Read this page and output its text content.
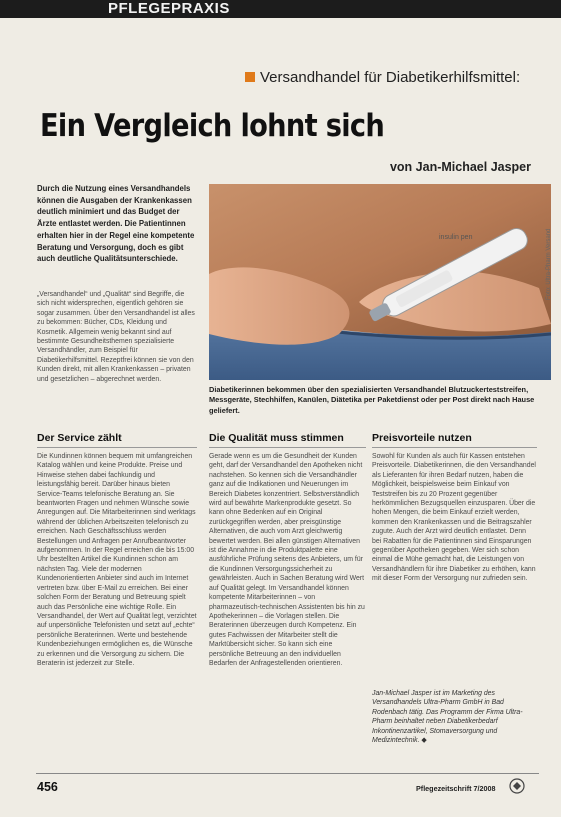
PFLEGEPRAXIS
Versandhandel für Diabetikerhilfsmittel:
Ein Vergleich lohnt sich
von Jan-Michael Jasper

Durch die Nutzung eines Versandhandels können die Ausgaben der Krankenkassen deutlich minimiert und das Budget der Ärzte entlastet werden. Die Patientinnen erhalten hier in der Regel eine kompetente Beratung und Versorgung, doch es gibt auch deutliche Qualitätsunterschiede.

„Versandhandel“ und „Qualität“ sind Begriffe, die sich nicht widersprechen, eigentlich gehören sie sogar zusammen. Über den Versandhandel ist alles zu bekommen: Bücher, CDs, Kleidung und Kosmetik. Allgemein wenig bekannt sind auf bestimmte Gesundheitsthemen spezialisierte Versandhändler, zum Beispiel für Diabetikerhilfsmittel. Rezeptfrei können sie von den Kunden direkt, mit allen Krankenkassen – privaten und gesetzlichen – abgerechnet werden.

Der Service zählt

Die Kundinnen können bequem mit umfangreichen Katalog wählen und keine Produkte. Preise und Hinweise stehen dabei fachkundig und leistungsfähig bereit. Darüber hinaus bieten Service-Teams telefonische Beratung an. Sie beantworten Fragen und nehmen Wünsche sowie Anregungen auf. Die Mitarbeiterinnen sind werktags während der üblichen Arbeitszeiten telefonisch zu erreichen. Nach Geschäftsschluss werden Bestellungen und Anfragen per Anrufbeantworter aufgenommen. In der Regel erreichen die bis 15:00 Uhr bestellten Artikel die Kundinnen schon am nächsten Tag. Viele der modernen Kundenorientierten Anbieter sind auch im Internet vertreten bzw. über E-Mail zu erreichen. Bei einer solchen Form der Beratung und Betreuung spielt auch das Persönliche eine wichtige Rolle. Ein Versandhandel, der Wert auf Qualität legt, verzichtet auf unpersönliche Telefonisten und setzt auf „echte“ persönliche Beraterinnen. Werte und bestehende Kundenbeziehungen ermöglichen es, die Wünsche zu erkennen und die Versorgung zu sichern. Die Beraterin ist jederzeit zur Stelle.

insulin pen	Foto: Ultra-Pharm Versand

Diabetikerinnen bekommen über den spezialisierten Versandhandel Blutzuckerteststreifen, Messgeräte, Stechhilfen, Kanülen, Diätetika per Paketdienst oder per Post direkt nach Hause geliefert.

Die Qualität muss stimmen

Gerade wenn es um die Gesundheit der Kunden geht, darf der Versandhandel den Apotheken nicht nachstehen. So kennen sich die Versandhändler ganz auf die Indikationen und Neuerungen im Bereich Diabetes konzentriert. Selbstverständlich wird auf bewährte Markenprodukte gesetzt. So kann ohne Bedenken auf ein Original zurückgegriffen werden, aber preisgünstige Alternativen, die auch vom Arzt gleichwertig bewertet werden. Bei allen günstigen Alternativen ist die Annahme in die Produktpalette eine ausführliche Prüfung seitens des Anbieters, um für die Kundinnen Versorgungssicherheit zu gewährleisten. Auch in Sachen Beratung wird Wert auf Qualität gelegt. Im Versandhandel können kompetente Mitarbeiterinnen – von pharmazeutisch-technischen Assistenten bis hin zu Apothekerinnen – die Vorlagen stellen. Die Beraterinnen überzeugen durch Kompetenz. Ein gutes Fachwissen der Mitarbeiter stellt die Marktübersicht sicher. So kann sich eine persönliche Betreuung an den individuellen Bedarfen der Anfragestellenden orientieren.

Preisvorteile nutzen

Sowohl für Kunden als auch für Kassen entstehen Preisvorteile. Diabetikerinnen, die den Versandhandel als Lieferanten für ihren Bedarf nutzen, haben die Möglichkeit, beispielsweise beim Einkauf von Teststreifen bis zu 20 Prozent gegenüber herkömmlichen Bezugsquellen einzusparen. Über die hohen Mengen, die beim Einkauf erzielt werden, kommen den Krankenkassen und die Beitragszahler zugute. Auch der Arzt wird deutlich entlastet. Denn bei Rabatten für die Patientinnen sind Einsparungen gegenüber Apotheken gegeben. Wer sich schon einmal die Mühe gemacht hat, die Leistungen von Versandhändlern für ihre Diabetiker zu erhöhen, kann mit dieser Form der Versorgung nur zufrieden sein.

Jan-Michael Jasper ist im Marketing des Versandhandels Ultra-Pharm GmbH in Bad Rodenbach tätig. Das Programm der Firma Ultra-Pharm beinhaltet neben Diabetikerbedarf Inkontinenzartikel, Stomaversorgung und Medizintechnik. ◆

456	Pflegezeitschrift 7/2008
